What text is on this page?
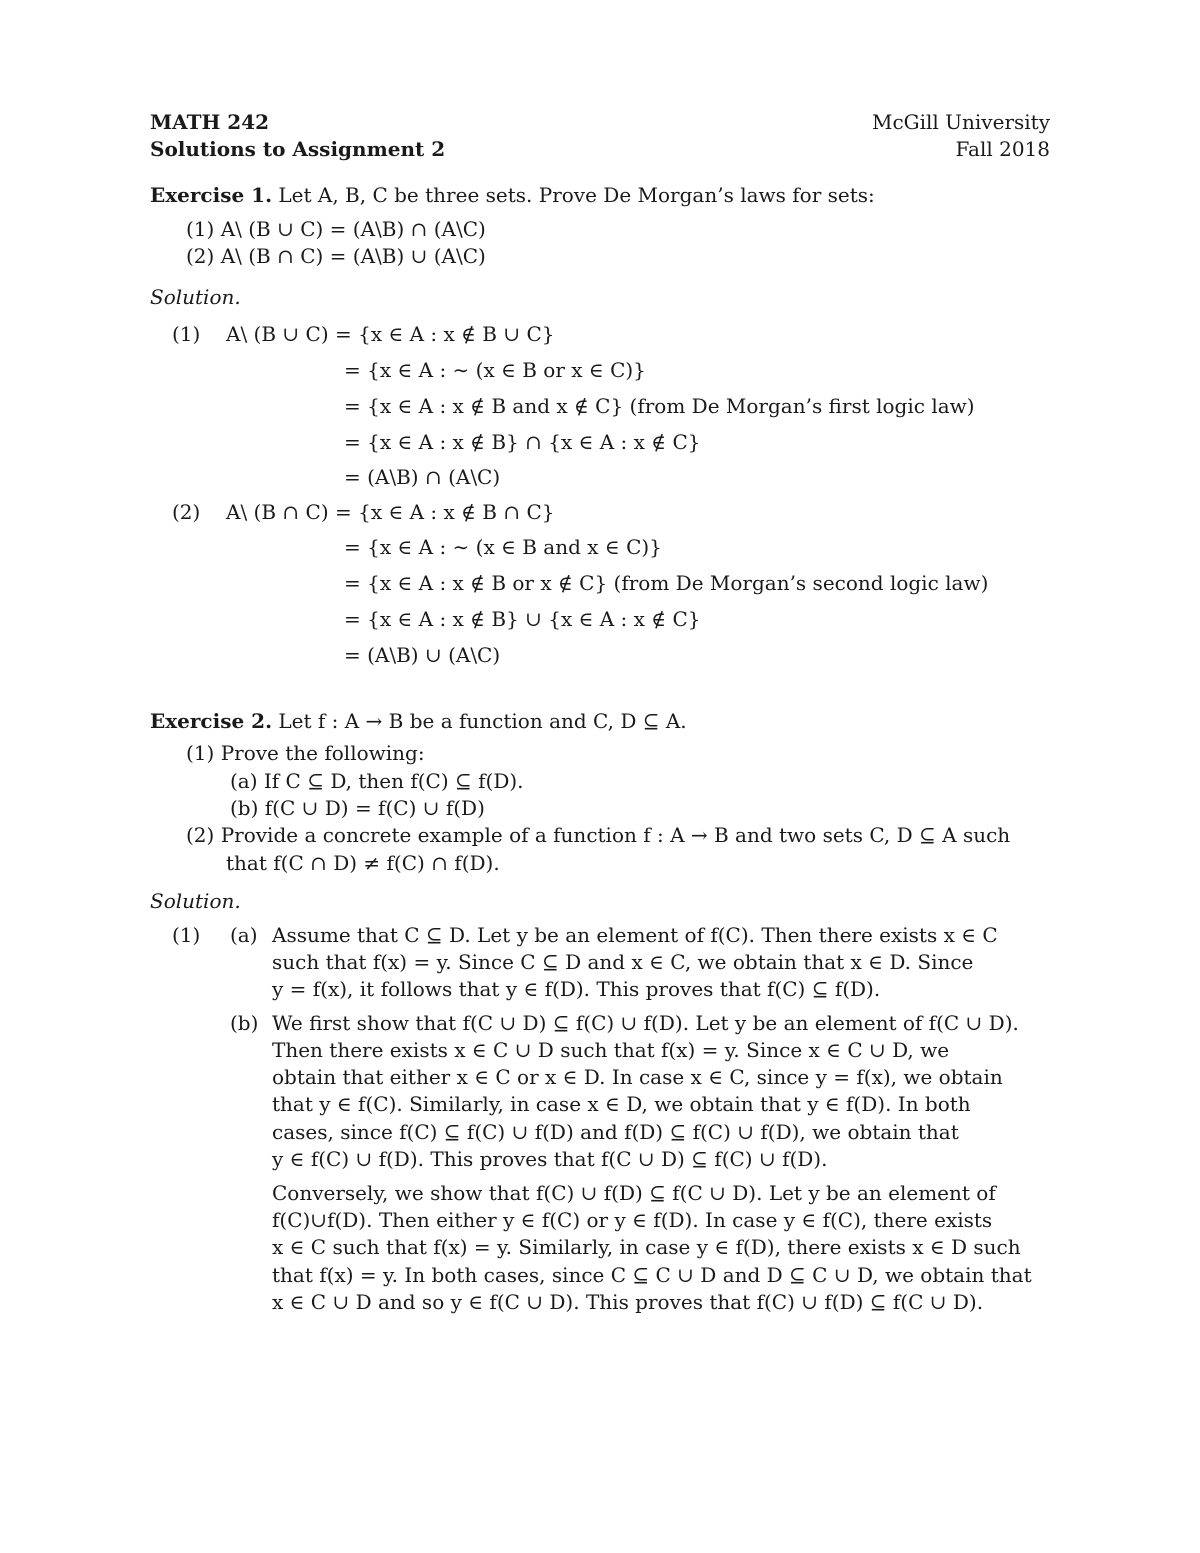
MATH 242
Solutions to Assignment 2
McGill University
Fall 2018
Exercise 1. Let A, B, C be three sets. Prove De Morgan’s laws for sets:
(1) A\ (B ∪ C) = (A\B) ∩ (A\C)
(2) A\ (B ∩ C) = (A\B) ∪ (A\C)
Solution.
(1) A\ (B ∪ C) = {x ∈ A : x ∉ B ∪ C}
= {x ∈ A : ∼ (x ∈ B or x ∈ C)}
= {x ∈ A : x ∉ B and x ∉ C} (from De Morgan’s first logic law)
= {x ∈ A : x ∉ B} ∩ {x ∈ A : x ∉ C}
= (A\B) ∩ (A\C)
(2) A\ (B ∩ C) = {x ∈ A : x ∉ B ∩ C}
= {x ∈ A : ∼ (x ∈ B and x ∈ C)}
= {x ∈ A : x ∉ B or x ∉ C} (from De Morgan’s second logic law)
= {x ∈ A : x ∉ B} ∪ {x ∈ A : x ∉ C}
= (A\B) ∪ (A\C)
Exercise 2. Let f : A → B be a function and C, D ⊆ A.
(1) Prove the following:
(a) If C ⊆ D, then f(C) ⊆ f(D).
(b) f(C ∪ D) = f(C) ∪ f(D)
(2) Provide a concrete example of a function f : A → B and two sets C, D ⊆ A such
that f(C ∩ D) ≠ f(C) ∩ f(D).
Solution.
(1) (a) Assume that C ⊆ D. Let y be an element of f(C). Then there exists x ∈ C
such that f(x) = y. Since C ⊆ D and x ∈ C, we obtain that x ∈ D. Since
y = f(x), it follows that y ∈ f(D). This proves that f(C) ⊆ f(D).
(b) We first show that f(C ∪ D) ⊆ f(C) ∪ f(D). Let y be an element of f(C ∪ D).
Then there exists x ∈ C ∪ D such that f(x) = y. Since x ∈ C ∪ D, we
obtain that either x ∈ C or x ∈ D. In case x ∈ C, since y = f(x), we obtain
that y ∈ f(C). Similarly, in case x ∈ D, we obtain that y ∈ f(D). In both
cases, since f(C) ⊆ f(C) ∪ f(D) and f(D) ⊆ f(C) ∪ f(D), we obtain that
y ∈ f(C) ∪ f(D). This proves that f(C ∪ D) ⊆ f(C) ∪ f(D).
Conversely, we show that f(C) ∪ f(D) ⊆ f(C ∪ D). Let y be an element of
f(C)∪f(D). Then either y ∈ f(C) or y ∈ f(D). In case y ∈ f(C), there exists
x ∈ C such that f(x) = y. Similarly, in case y ∈ f(D), there exists x ∈ D such
that f(x) = y. In both cases, since C ⊆ C ∪ D and D ⊆ C ∪ D, we obtain that
x ∈ C ∪ D and so y ∈ f(C ∪ D). This proves that f(C) ∪ f(D) ⊆ f(C ∪ D).
